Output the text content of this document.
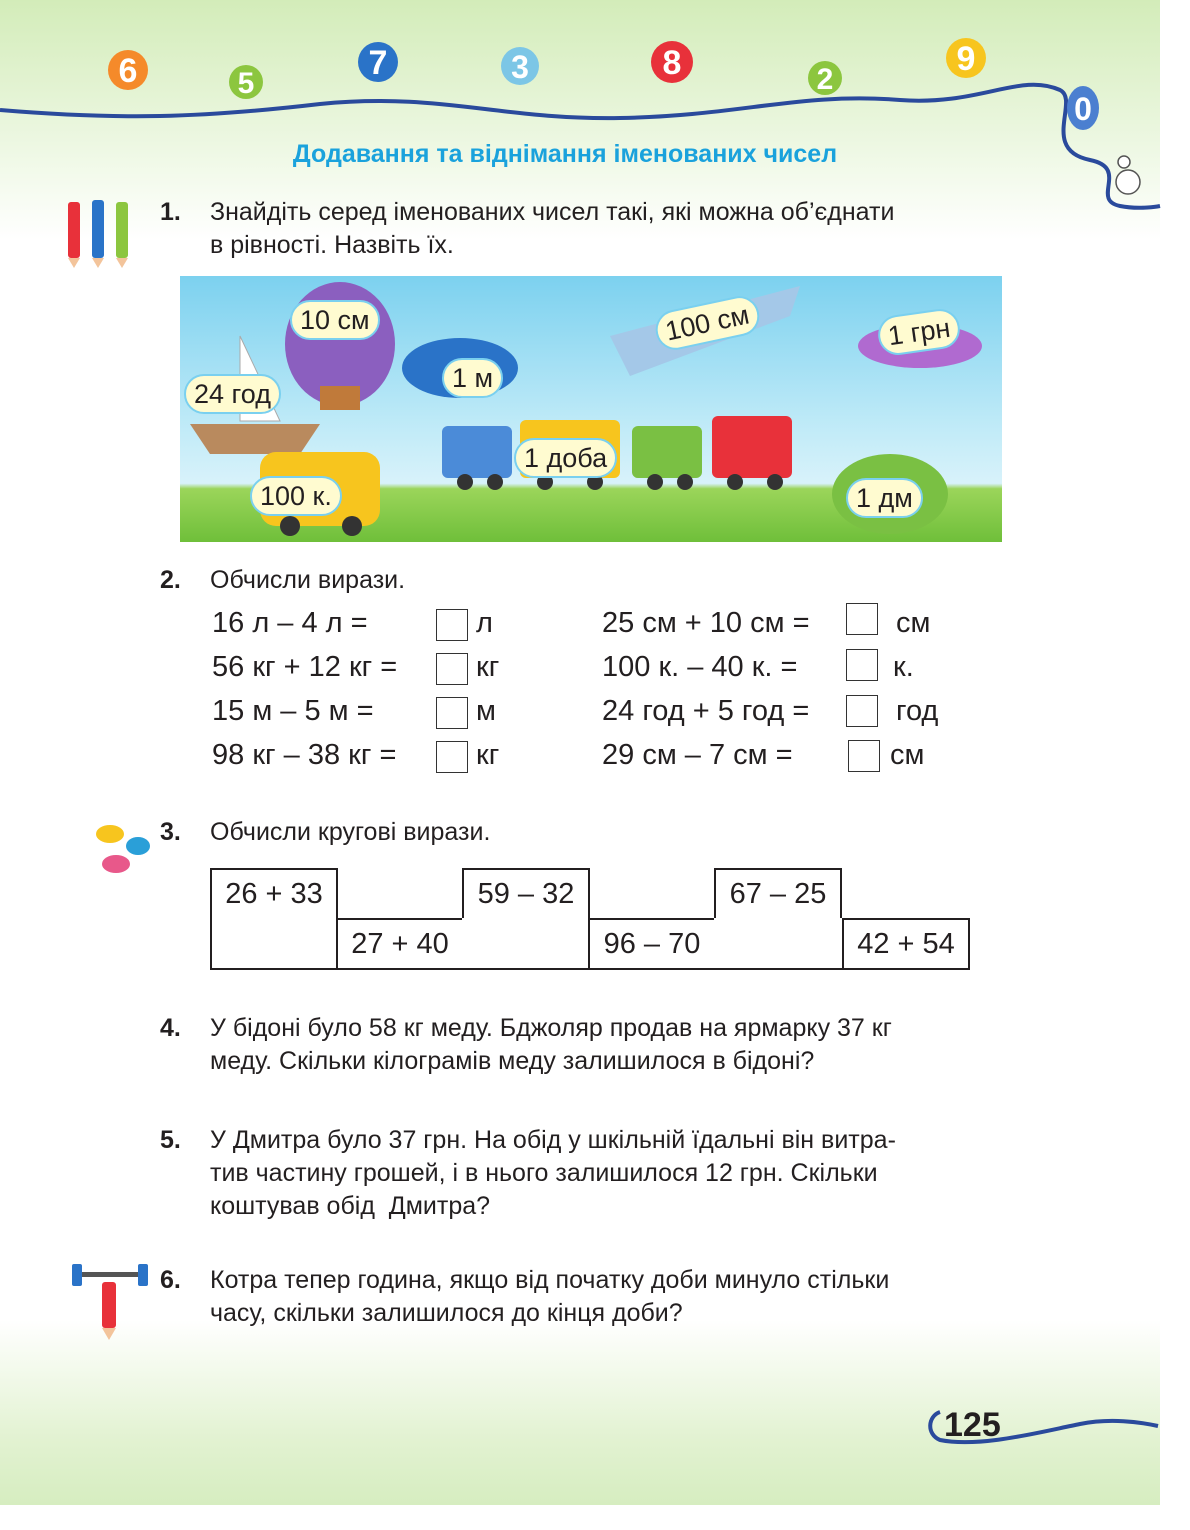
6	5
7	3	8	2
9
0
Додавання та віднімання іменованих чисел
1. Знайдіть серед іменованих чисел такі, які можна об’єднати
в рівності. Назвіть їх.
10 см	100 см	1 грн
1 м
24 год
1 доба
100 к.	1 дм
2. Обчисли вирази.
16 л – 4 л =	л
56 кг + 12 кг =	кг
15 м – 5 м =	м
98 кг – 38 кг =	кг
25 см + 10 см =	см
100 к. – 40 к. =	к.
24 год + 5 год =	год
29 см – 7 см =	см
3. Обчисли кругові вирази.
26 + 33	59 – 32	67 – 25
27 + 40	96 – 70	42 + 54
4. У бідоні було 58 кг меду. Бджоляр продав на ярмарку 37 кг
меду. Скільки кілограмів меду залишилося в бідоні?
5. У Дмитра було 37 грн. На обід у шкільній їдальні він витра-
тив частину грошей, і в нього залишилося 12 грн. Скільки
коштував обід  Дмитра?
6. Котра тепер година, якщо від початку доби минуло стільки
часу, скільки залишилося до кінця доби?
125
